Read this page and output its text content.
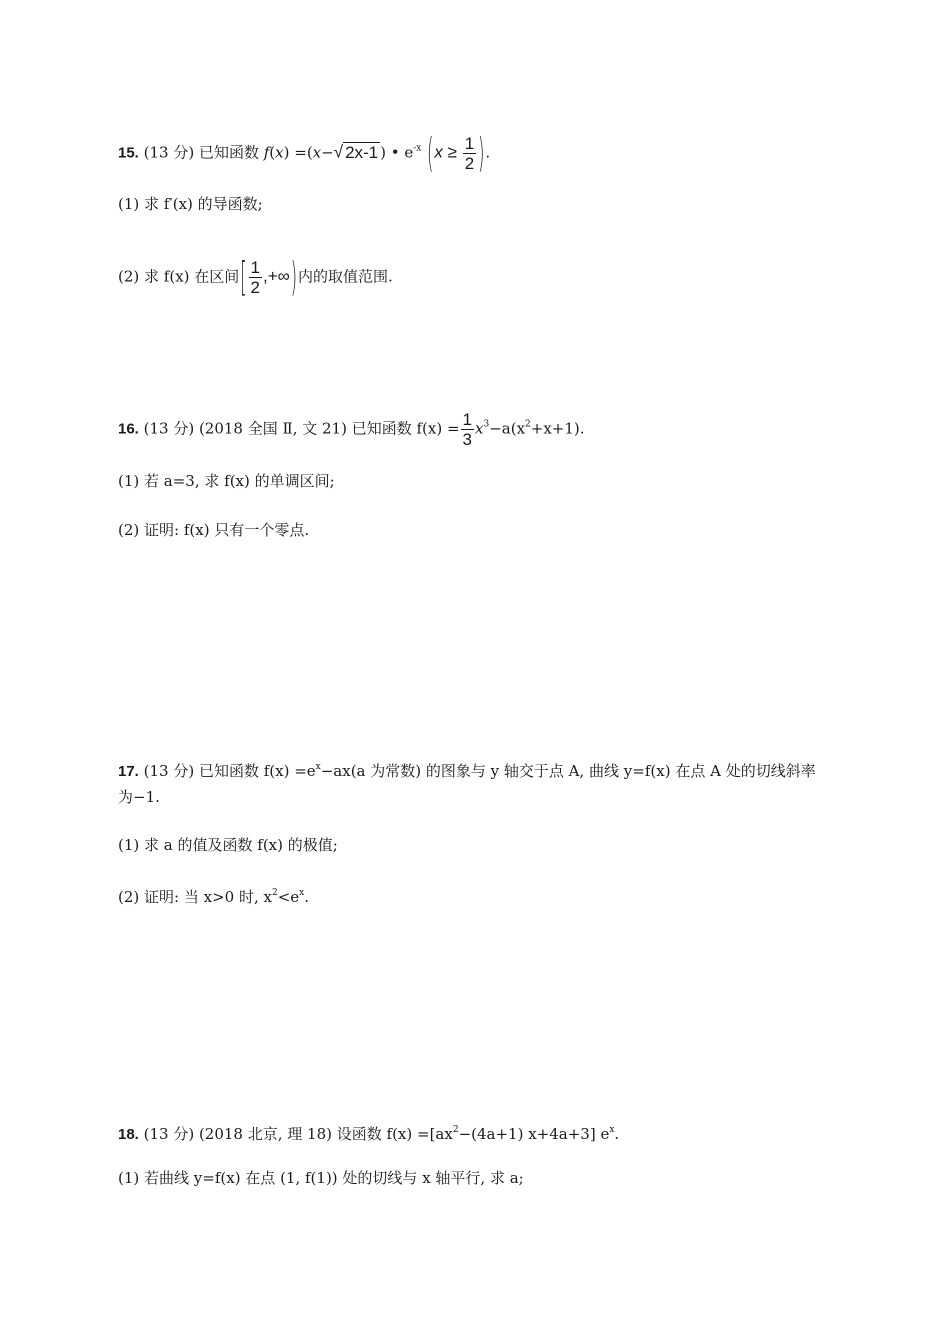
15. (13 分) 已知函数 f(x) =(x−√ 2x-1 ) • $e^{-x}$ ($x \ge \frac{1}{2}$ ).
(1) 求 f′(x) 的导函数;
(2) 求 f(x) 在区间[ $\frac{1}{2}$ ,+∞)内的取值范围.
16. (13 分) (2018 全国 Ⅱ, 文 21) 已知函数 $f(x) = \frac{1}{3} x^3-a(x^2+x+1)$.
(1) 若 a=3, 求 f(x) 的单调区间;
(2) 证明: f(x) 只有一个零点.
17. (13 分) 已知函数 $f(x) =e^x-ax(a$ 为常数) 的图象与 y 轴交于点 A, 曲线 y=f(x) 在点 A 处的切线斜率
为−1.
(1) 求 a 的值及函数 f(x) 的极值;
(2) 证明: 当 x>0 时, $x^2<e^x$.
18. (13 分) (2018 北京, 理 18) 设函数 $f(x) =[ax^2-(4a+1)$ x+4a+3] $e^x$.
(1) 若曲线 y=f(x) 在点 (1, f(1)) 处的切线与 x 轴平行, 求 a;
